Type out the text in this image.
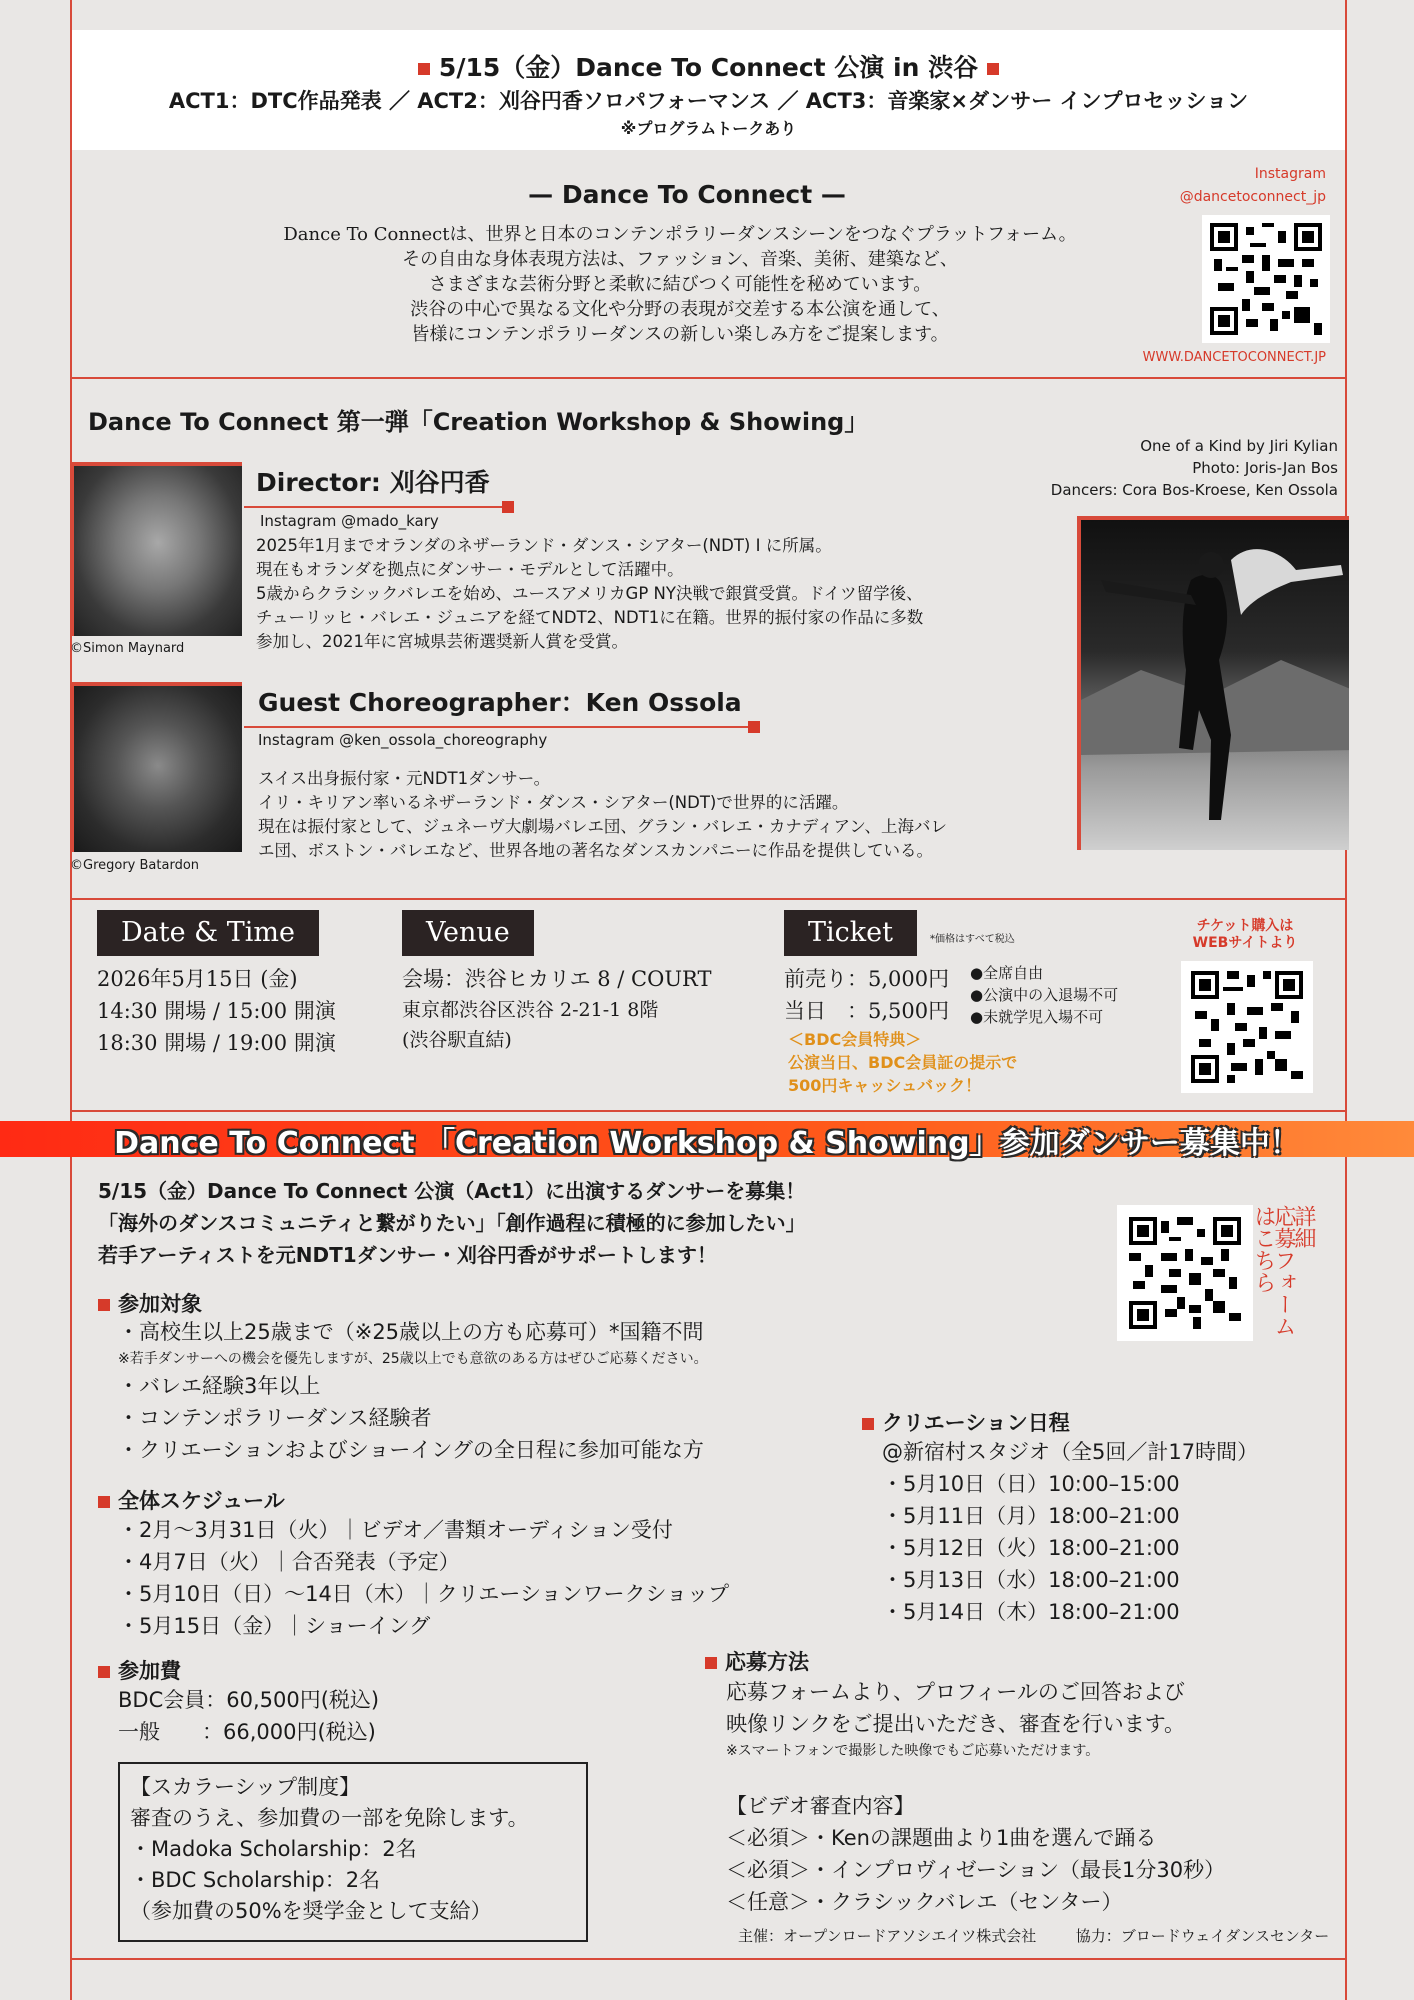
5/15（金）Dance To Connect 公演 in 渋谷
ACT1：DTC作品発表 ／ ACT2：刈谷円香ソロパフォーマンス ／ ACT3：音楽家×ダンサー インプロセッション
※プログラムトークあり
— Dance To Connect —
Dance To Connectは、世界と日本のコンテンポラリーダンスシーンをつなぐプラットフォーム。
その自由な身体表現方法は、ファッション、音楽、美術、建築など、
さまざまな芸術分野と柔軟に結びつく可能性を秘めています。
渋谷の中心で異なる文化や分野の表現が交差する本公演を通して、
皆様にコンテンポラリーダンスの新しい楽しみ方をご提案します。
Instagram
@dancetoconnect_jp
WWW.DANCETOCONNECT.JP
Dance To Connect 第一弾「Creation Workshop & Showing」
©Simon Maynard
Director: 刈谷円香
Instagram @mado_kary
2025年1月までオランダのネザーランド・ダンス・シアター(NDT) I に所属。
現在もオランダを拠点にダンサー・モデルとして活躍中。
5歳からクラシックバレエを始め、ユースアメリカGP NY決戦で銀賞受賞。ドイツ留学後、
チューリッヒ・バレエ・ジュニアを経てNDT2、NDT1に在籍。世界的振付家の作品に多数
参加し、2021年に宮城県芸術選奨新人賞を受賞。
©Gregory Batardon
Guest Choreographer：Ken Ossola
Instagram @ken_ossola_choreography
スイス出身振付家・元NDT1ダンサー。
イリ・キリアン率いるネザーランド・ダンス・シアター(NDT)で世界的に活躍。
現在は振付家として、ジュネーヴ大劇場バレエ団、グラン・バレエ・カナディアン、上海バレ
エ団、ボストン・バレエなど、世界各地の著名なダンスカンパニーに作品を提供している。
One of a Kind by Jiri Kylian
Photo: Joris-Jan Bos
Dancers: Cora Bos-Kroese, Ken Ossola
Date & Time
2026年5月15日 (金)
14:30 開場 / 15:00 開演
18:30 開場 / 19:00 開演
Venue
会場：渋谷ヒカリエ 8 / COURT
東京都渋谷区渋谷 2-21-1 8階
(渋谷駅直結)
Ticket	*価格はすべて税込
前売り：5,000円
当日　：5,500円
●全席自由
●公演中の入退場不可
●未就学児入場不可
＜BDC会員特典＞
公演当日、BDC会員証の提示で
500円キャッシュバック！
チケット購入は
WEBサイトより
Dance To Connect 「Creation Workshop & Showing」参加ダンサー募集中！
5/15（金）Dance To Connect 公演（Act1）に出演するダンサーを募集！
「海外のダンスコミュニティと繋がりたい」「創作過程に積極的に参加したい」
若手アーティストを元NDT1ダンサー・刈谷円香がサポートします！
詳細
応募フォーム
はこちら
参加対象
・高校生以上25歳まで（※25歳以上の方も応募可）*国籍不問
※若手ダンサーへの機会を優先しますが、25歳以上でも意欲のある方はぜひご応募ください。
・バレエ経験3年以上
・コンテンポラリーダンス経験者
・クリエーションおよびショーイングの全日程に参加可能な方
全体スケジュール
・2月～3月31日（火）｜ビデオ／書類オーディション受付
・4月7日（火）｜合否発表（予定）
・5月10日（日）～14日（木）｜クリエーションワークショップ
・5月15日（金）｜ショーイング
参加費
BDC会員：60,500円(税込)
一般　　：66,000円(税込)
【スカラーシップ制度】
審査のうえ、参加費の一部を免除します。
・Madoka Scholarship：2名
・BDC Scholarship：2名
（参加費の50%を奨学金として支給）
クリエーション日程
@新宿村スタジオ（全5回／計17時間）
・5月10日（日）10:00–15:00
・5月11日（月）18:00–21:00
・5月12日（火）18:00–21:00
・5月13日（水）18:00–21:00
・5月14日（木）18:00–21:00
応募方法
応募フォームより、プロフィールのご回答および
映像リンクをご提出いただき、審査を行います。
※スマートフォンで撮影した映像でもご応募いただけます。
【ビデオ審査内容】
＜必須＞・Kenの課題曲より1曲を選んで踊る
＜必須＞・インプロヴィゼーション（最長1分30秒）
＜任意＞・クラシックバレエ（センター）
主催：オープンロードアソシエイツ株式会社	協力：ブロードウェイダンスセンター
